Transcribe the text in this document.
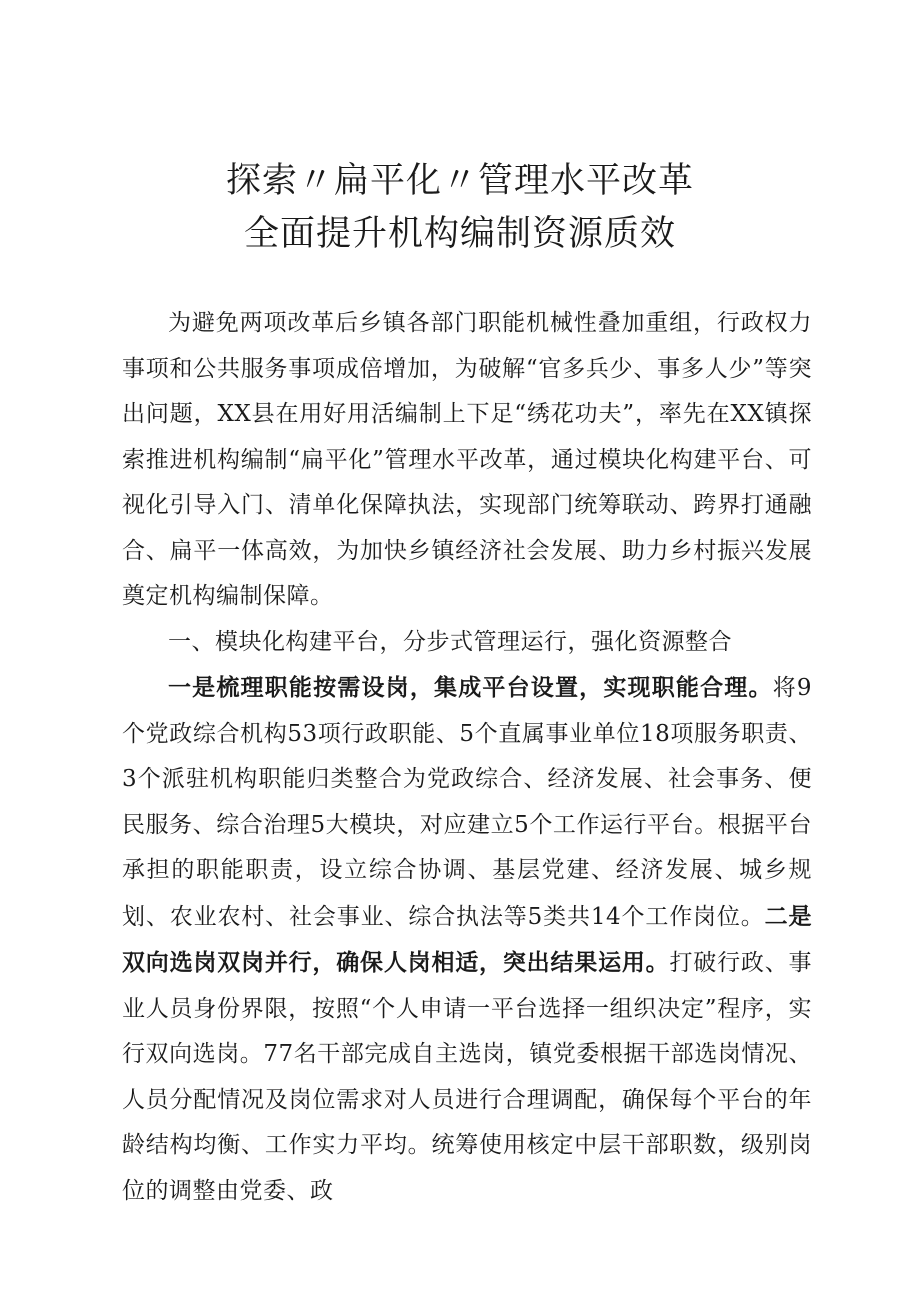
探索〃扁平化〃管理水平改革
全面提升机构编制资源质效

为避免两项改革后乡镇各部门职能机械性叠加重组，行政权力事项和公共服务事项成倍增加，为破解“官多兵少、事多人少”等突出问题，XX县在用好用活编制上下足“绣花功夫”，率先在XX镇探索推进机构编制“扁平化”管理水平改革，通过模块化构建平台、可视化引导入门、清单化保障执法，实现部门统筹联动、跨界打通融合、扁平一体高效，为加快乡镇经济社会发展、助力乡村振兴发展奠定机构编制保障。

一、模块化构建平台，分步式管理运行，强化资源整合

一是梳理职能按需设岗，集成平台设置，实现职能合理。将9个党政综合机构53项行政职能、5个直属事业单位18项服务职责、3个派驻机构职能归类整合为党政综合、经济发展、社会事务、便民服务、综合治理5大模块，对应建立5个工作运行平台。根据平台承担的职能职责，设立综合协调、基层党建、经济发展、城乡规划、农业农村、社会事业、综合执法等5类共14个工作岗位。二是双向选岗双岗并行，确保人岗相适，突出结果运用。打破行政、事业人员身份界限，按照“个人申请一平台选择一组织决定”程序，实行双向选岗。77名干部完成自主选岗，镇党委根据干部选岗情况、人员分配情况及岗位需求对人员进行合理调配，确保每个平台的年龄结构均衡、工作实力平均。统筹使用核定中层干部职数，级别岗位的调整由党委、政
